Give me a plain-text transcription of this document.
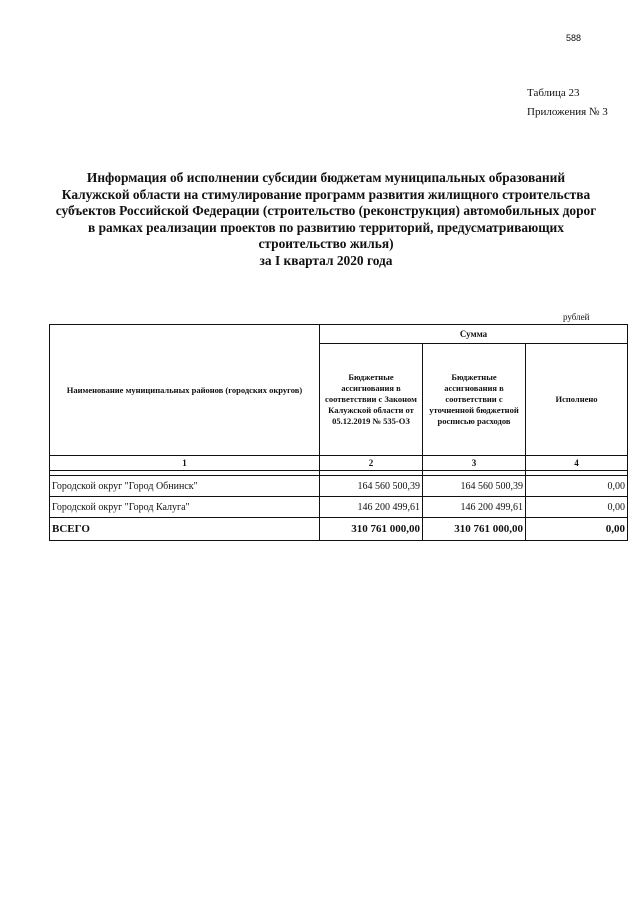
588
Таблица 23
Приложения № 3
Информация об исполнении субсидии бюджетам муниципальных образований
Калужской области на стимулирование программ развития жилищного строительства
субъектов Российской Федерации (строительство (реконструкция) автомобильных дорог
в рамках реализации проектов по развитию территорий, предусматривающих
строительство жилья)
за I квартал 2020 года
рублей
Наименование муниципальных районов (городских округов)	Сумма		
	Бюджетные ассигнования в соответствии с Законом Калужской области от 05.12.2019 № 535-ОЗ	Бюджетные ассигнования в соответствии с уточненной бюджетной росписью расходов	Исполнено
1	2	3	4

Городской округ "Город Обнинск"	164 560 500,39	164 560 500,39	0,00
Городской округ "Город Калуга"	146 200 499,61	146 200 499,61	0,00
ВСЕГО	310 761 000,00	310 761 000,00	0,00
